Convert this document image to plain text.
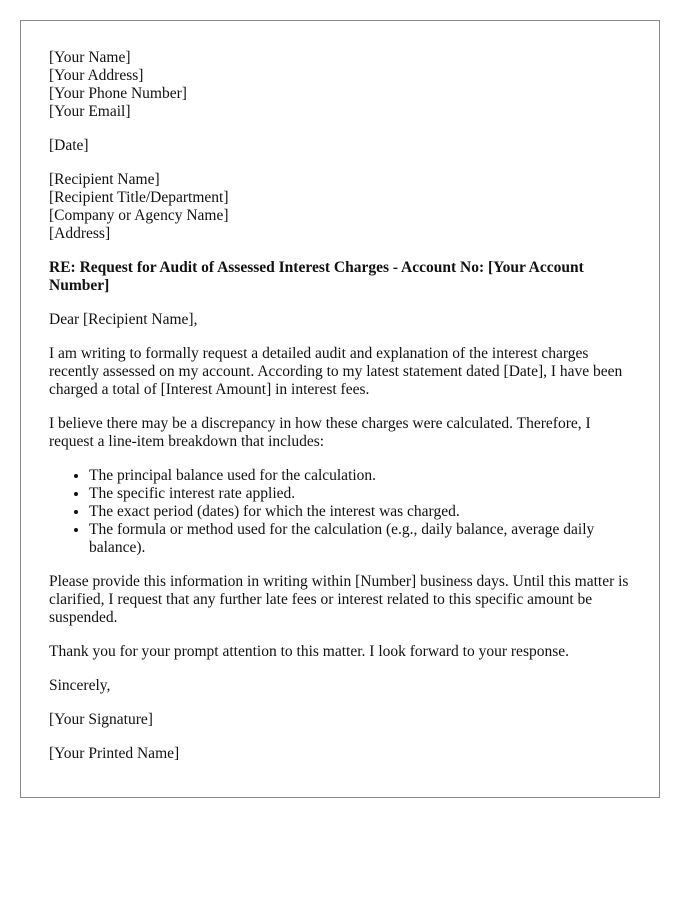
[Your Name]
[Your Address]
[Your Phone Number]
[Your Email]
[Date]
[Recipient Name]
[Recipient Title/Department]
[Company or Agency Name]
[Address]
RE: Request for Audit of Assessed Interest Charges - Account No: [Your Account Number]

Dear [Recipient Name],

I am writing to formally request a detailed audit and explanation of the interest charges recently assessed on my account. According to my latest statement dated [Date], I have been charged a total of [Interest Amount] in interest fees.

I believe there may be a discrepancy in how these charges were calculated. Therefore, I request a line-item breakdown that includes:

• The principal balance used for the calculation.
• The specific interest rate applied.
• The exact period (dates) for which the interest was charged.
• The formula or method used for the calculation (e.g., daily balance, average daily balance).

Please provide this information in writing within [Number] business days. Until this matter is clarified, I request that any further late fees or interest related to this specific amount be suspended.

Thank you for your prompt attention to this matter. I look forward to your response.

Sincerely,

[Your Signature]

[Your Printed Name]
